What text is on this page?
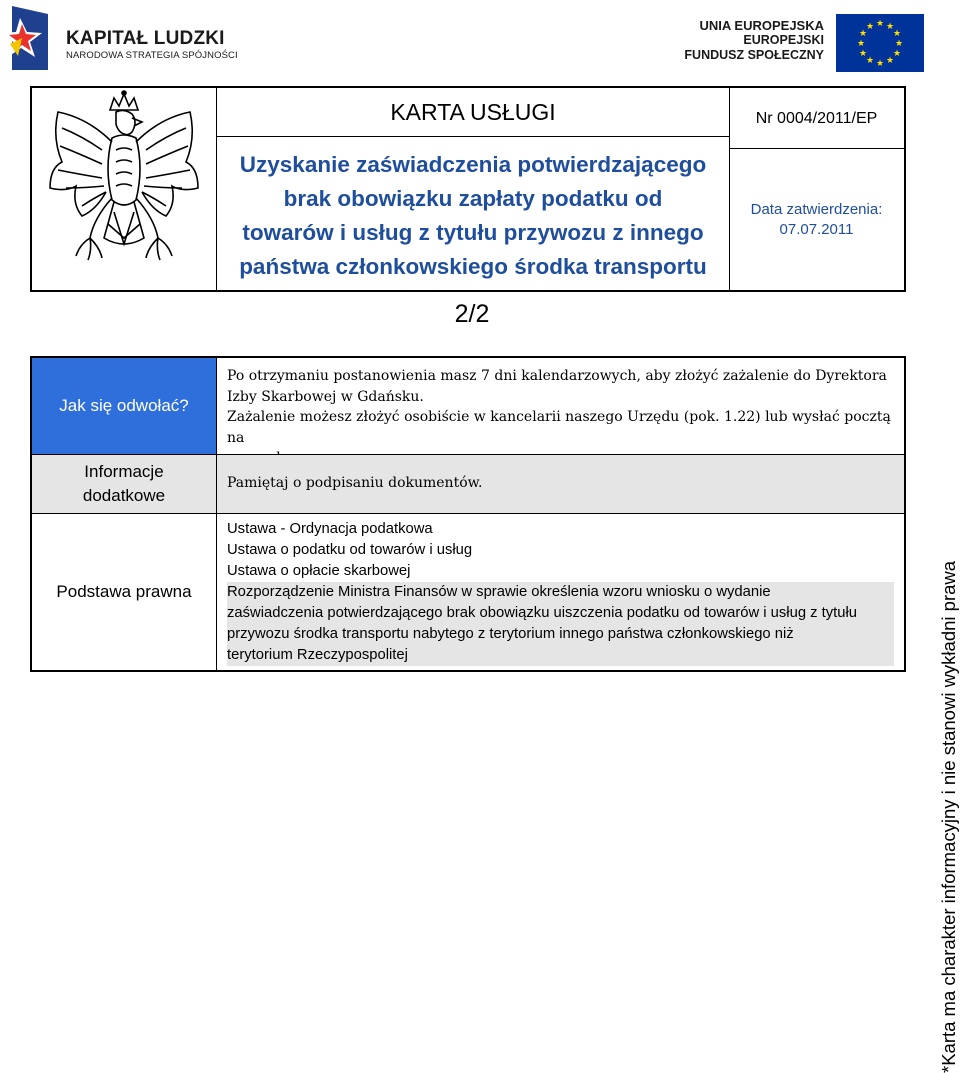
KAPITAŁ LUDZKI
NARODOWA STRATEGIA SPÓJNOŚCI
UNIA EUROPEJSKA
EUROPEJSKI
FUNDUSZ SPOŁECZNY
★ ★
★
★
★
★
★
★
★
★
★
★
KARTA USŁUGI
Uzyskanie zaświadczenia potwierdzającego
brak obowiązku zapłaty podatku od
towarów i usług z tytułu przywozu z innego
państwa członkowskiego środka transportu
Nr 0004/2011/EP
Data zatwierdzenia:
07.07.2011
2/2
Jak się odwołać?

Po otrzymaniu postanowienia masz 7 dni kalendarzowych, aby złożyć zażalenie do Dyrektora

Izby Skarbowej w Gdańsku.

Zażalenie możesz złożyć osobiście w kancelarii naszego Urzędu (pok. 1.22) lub wysłać pocztą na

Informacje
dodatkowe
Pamiętaj o podpisaniu dokumentów.
Podstawa prawna

Ustawa - Ordynacja podatkowa

Ustawa o podatku od towarów i usług

Ustawa o opłacie skarbowej

Rozporządzenie Ministra Finansów w sprawie określenia wzoru wniosku o wydanie

zaświadczenia potwierdzającego brak obowiązku uiszczenia podatku od towarów i usług z tytułu

przywozu środka transportu nabytego z terytorium innego państwa członkowskiego niż

terytorium Rzeczypospolitej	*Karta ma charakter informacyjny i nie stanowi wykładni prawa
